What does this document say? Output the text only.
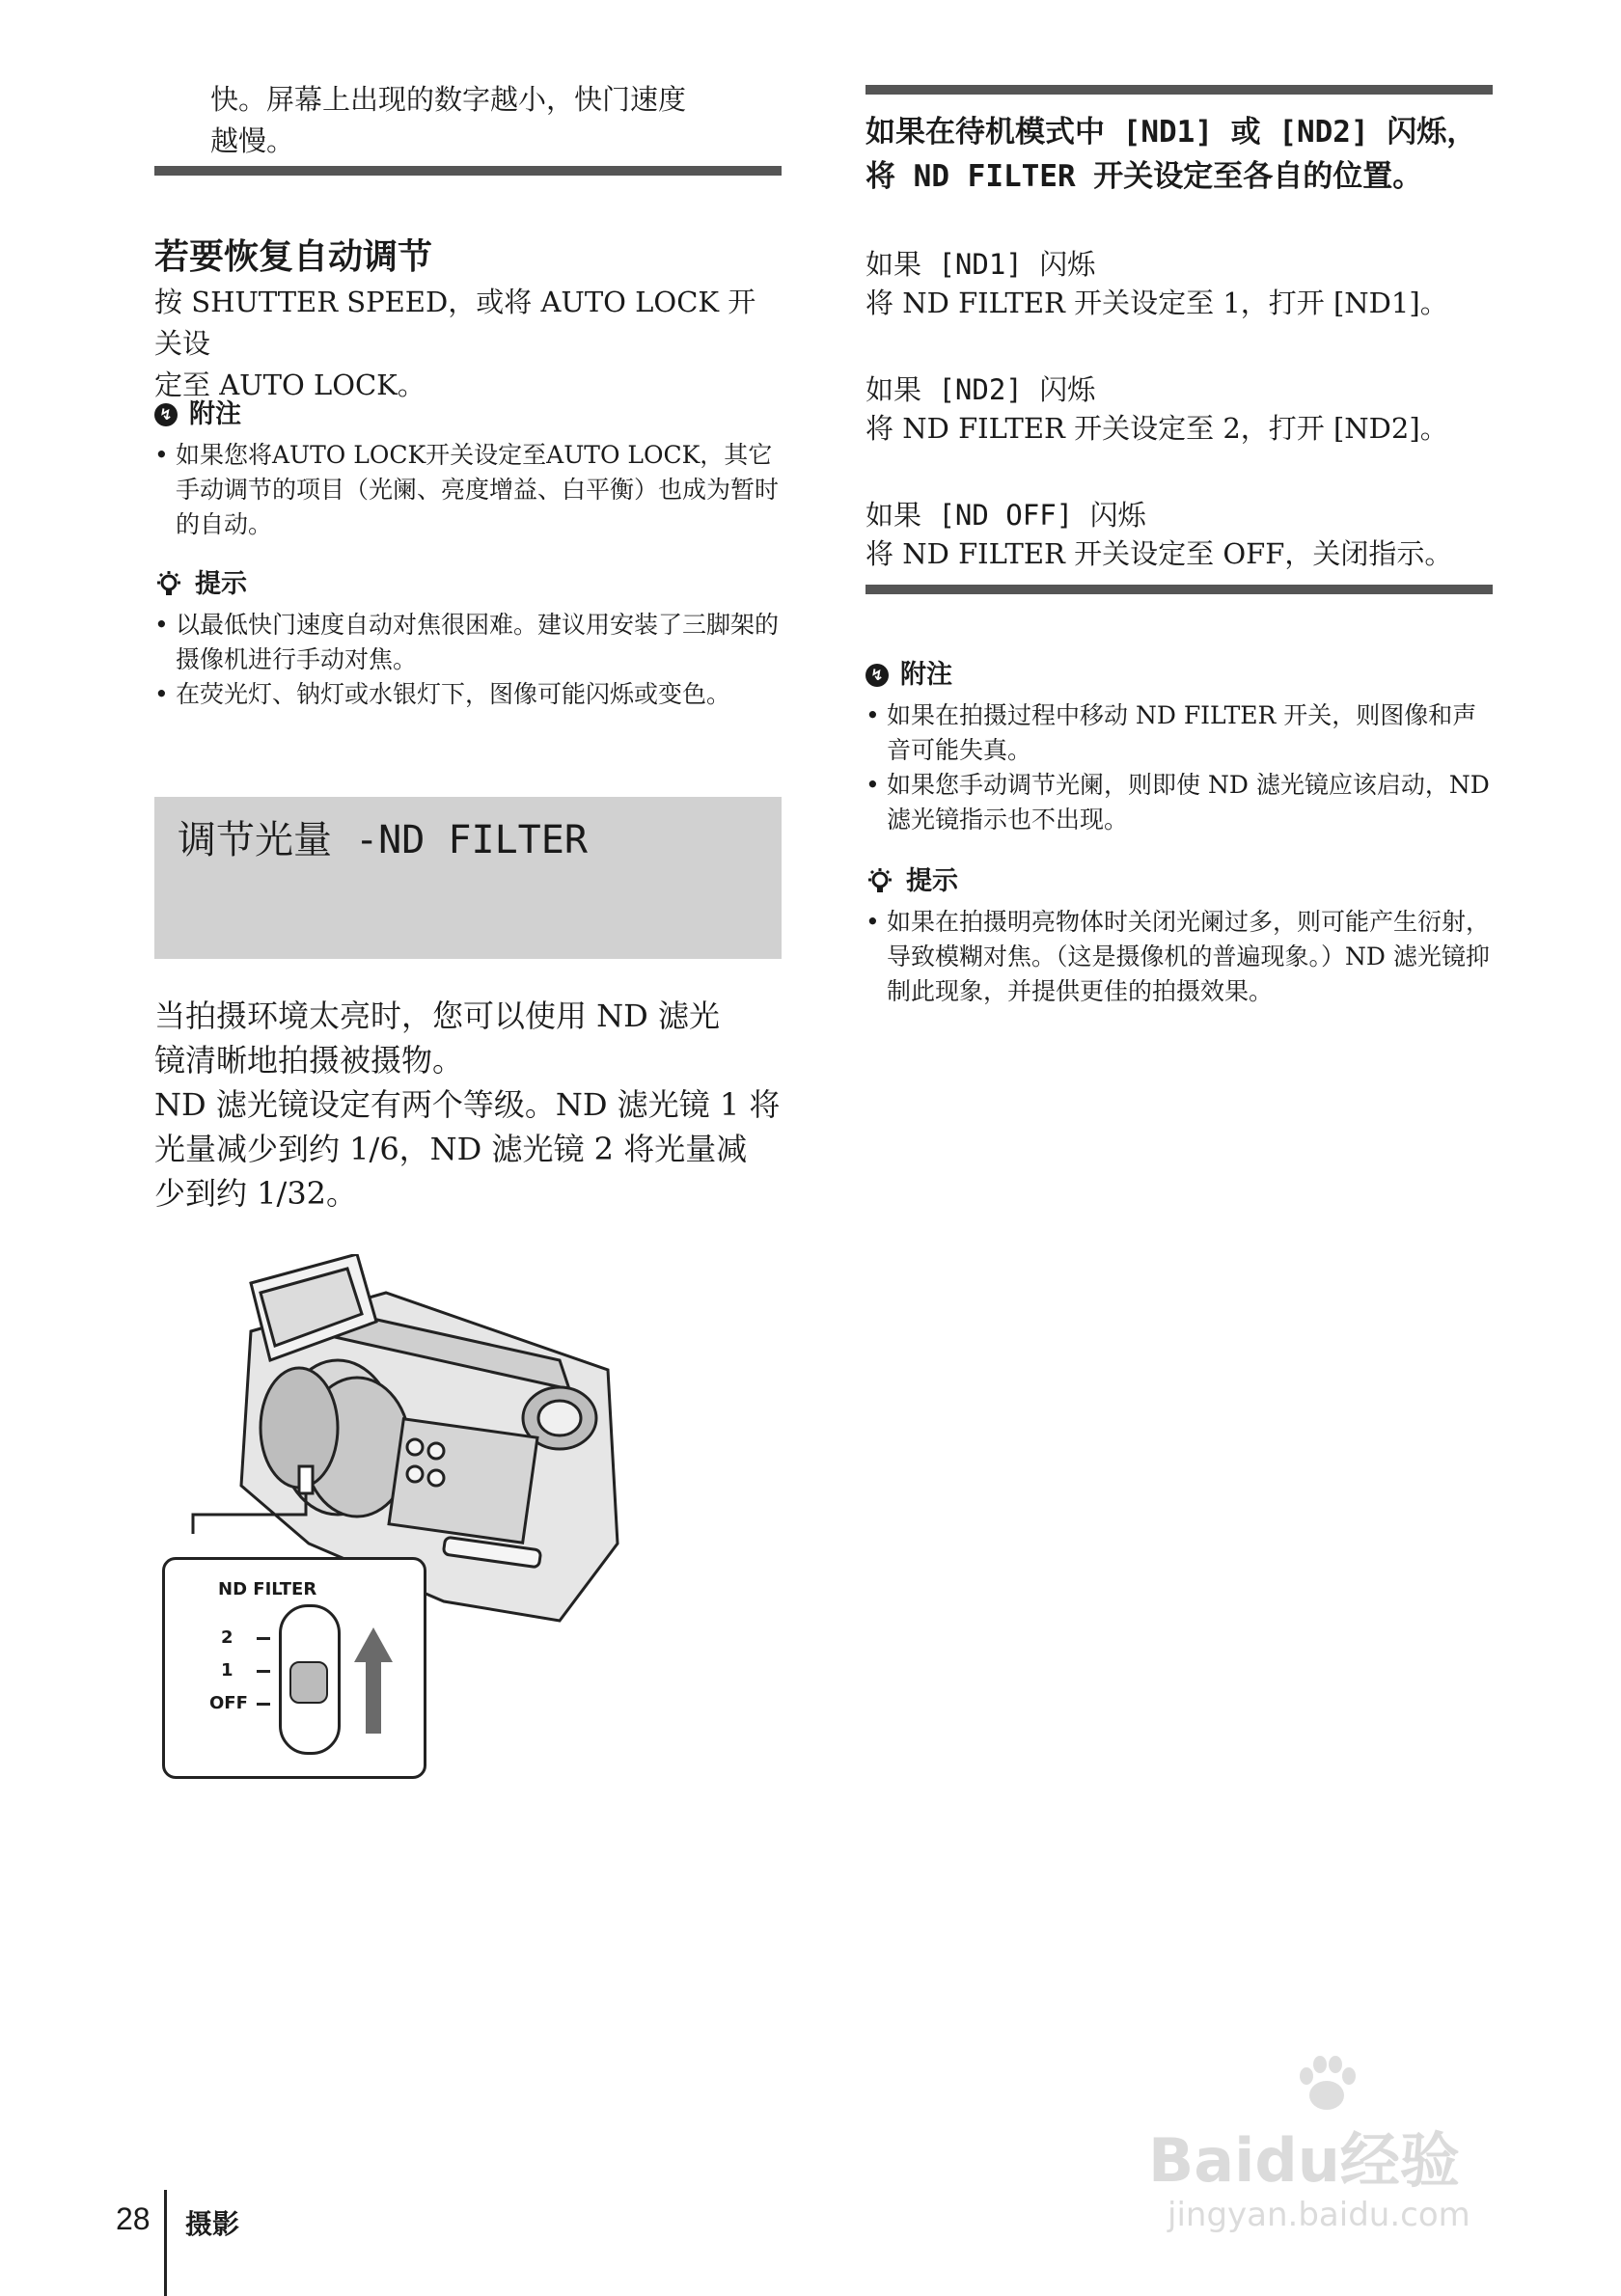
快。屏幕上出现的数字越小，快门速度
越慢。
若要恢复自动调节
按 SHUTTER SPEED，或将 AUTO LOCK 开关设
定至 AUTO LOCK。
↯ 附注
• 如果您将AUTO LOCK开关设定至AUTO LOCK，其它手动调节的项目（光阑、亮度增益、白平衡）也成为暂时的自动。
提示
• 以最低快门速度自动对焦很困难。建议用安装了三脚架的摄像机进行手动对焦。
• 在荧光灯、钠灯或水银灯下，图像可能闪烁或变色。
调节光量 -ND FILTER
当拍摄环境太亮时，您可以使用 ND 滤光
镜清晰地拍摄被摄物。
ND 滤光镜设定有两个等级。ND 滤光镜 1 将
光量减少到约 1/6，ND 滤光镜 2 将光量减
少到约 1/32。
ND FILTER
2
1
OFF
如果在待机模式中 [ND1] 或 [ND2] 闪烁，
将 ND FILTER 开关设定至各自的位置。
如果 [ND1] 闪烁
将 ND FILTER 开关设定至 1，打开 [ND1]。
如果 [ND2] 闪烁
将 ND FILTER 开关设定至 2，打开 [ND2]。
如果 [ND OFF] 闪烁
将 ND FILTER 开关设定至 OFF，关闭指示。
↯ 附注
• 如果在拍摄过程中移动 ND FILTER 开关，则图像和声音可能失真。
• 如果您手动调节光阑，则即使 ND 滤光镜应该启动，ND 滤光镜指示也不出现。
提示
• 如果在拍摄明亮物体时关闭光阑过多，则可能产生衍射，导致模糊对焦。（这是摄像机的普遍现象。）ND 滤光镜抑制此现象，并提供更佳的拍摄效果。
28 摄影
Baidu经验
jingyan.baidu.com
